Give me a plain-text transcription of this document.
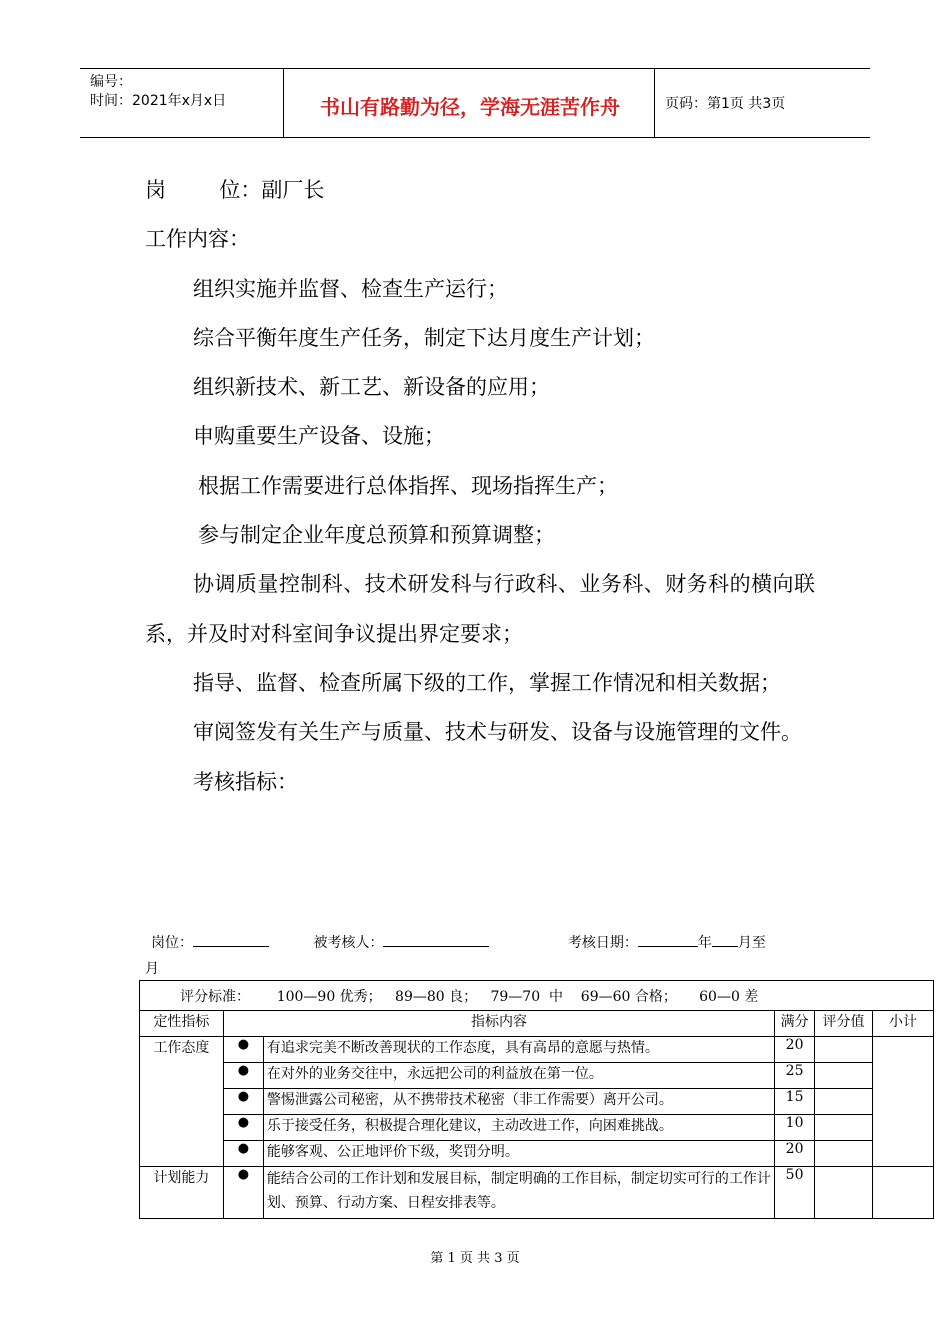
编号：
时间：2021年x月x日	书山有路勤为径，学海无涯苦作舟	页码：第1页 共3页

岗        位：副厂长

工作内容：

组织实施并监督、检查生产运行；

综合平衡年度生产任务，制定下达月度生产计划；

组织新技术、新工艺、新设备的应用；

申购重要生产设备、设施；

根据工作需要进行总体指挥、现场指挥生产；

参与制定企业年度总预算和预算调整；

协调质量控制科、技术研发科与行政科、业务科、财务科的横向联系，并及时对科室间争议提出界定要求；

指导、监督、检查所属下级的工作，掌握工作情况和相关数据；

审阅签发有关生产与质量、技术与研发、设备与设施管理的文件。

考核指标：

岗位：	被考核人：	考核日期：	年 月至
月
评分标准：      100—90 优秀；   89—80 良；   79—70  中    69—60 合格；     60—0 差					
定性指标	指标内容		满分	评分值	小计
工作态度	●	有追求完美不断改善现状的工作态度，具有高昂的意愿与热情。	20		
	●	在对外的业务交往中，永远把公司的利益放在第一位。	25		
	●	警惕泄露公司秘密，从不携带技术秘密（非工作需要）离开公司。	15		
	●	乐于接受任务，积极提合理化建议，主动改进工作，向困难挑战。	10		
	●	能够客观、公正地评价下级，奖罚分明。	20		
计划能力	●	能结合公司的工作计划和发展目标，制定明确的工作目标，制定切实可行的工作计划、预算、行动方案、日程安排表等。	50		
第 1 页 共 3 页
